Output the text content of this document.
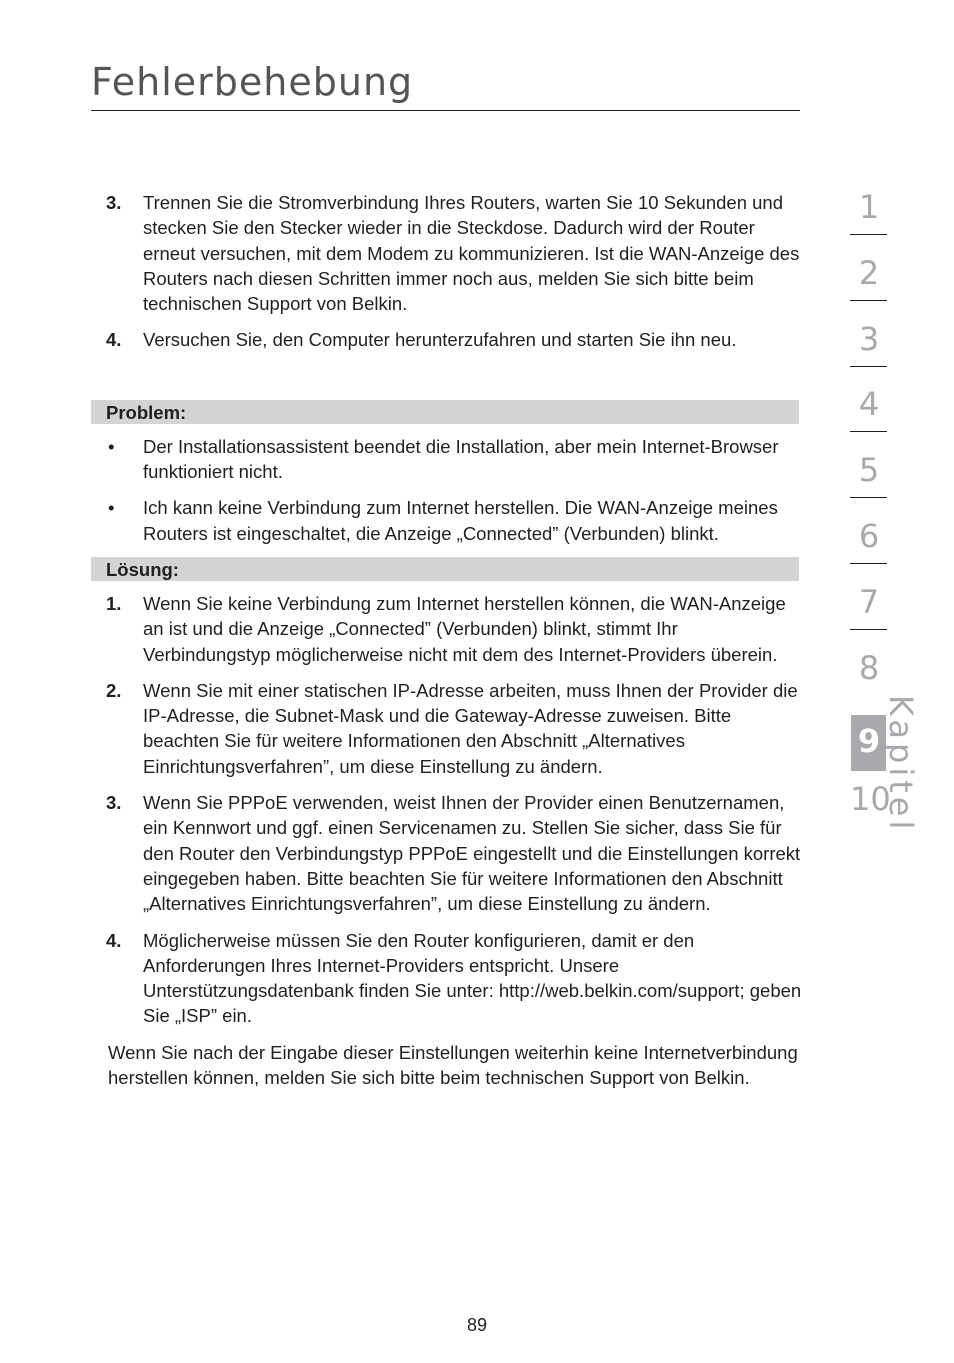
Fehlerbehebung
3. Trennen Sie die Stromverbindung Ihres Routers, warten Sie 10 Sekunden und stecken Sie den Stecker wieder in die Steckdose. Dadurch wird der Router erneut versuchen, mit dem Modem zu kommunizieren. Ist die WAN-Anzeige des Routers nach diesen Schritten immer noch aus, melden Sie sich bitte beim technischen Support von Belkin.
4. Versuchen Sie, den Computer herunterzufahren und starten Sie ihn neu.
Problem:
• Der Installationsassistent beendet die Installation, aber mein Internet-Browser funktioniert nicht.
• Ich kann keine Verbindung zum Internet herstellen. Die WAN-Anzeige meines Routers ist eingeschaltet, die Anzeige „Connected” (Verbunden) blinkt.
Lösung:
1. Wenn Sie keine Verbindung zum Internet herstellen können, die WAN-Anzeige an ist und die Anzeige „Connected” (Verbunden) blinkt, stimmt Ihr Verbindungstyp möglicherweise nicht mit dem des Internet-Providers überein.
2. Wenn Sie mit einer statischen IP-Adresse arbeiten, muss Ihnen der Provider die IP-Adresse, die Subnet-Mask und die Gateway-Adresse zuweisen. Bitte beachten Sie für weitere Informationen den Abschnitt „Alternatives Einrichtungsverfahren”, um diese Einstellung zu ändern.
3. Wenn Sie PPPoE verwenden, weist Ihnen der Provider einen Benutzernamen, ein Kennwort und ggf. einen Servicenamen zu. Stellen Sie sicher, dass Sie für den Router den Verbindungstyp PPPoE eingestellt und die Einstellungen korrekt eingegeben haben. Bitte beachten Sie für weitere Informationen den Abschnitt „Alternatives Einrichtungsverfahren”, um diese Einstellung zu ändern.
4. Möglicherweise müssen Sie den Router konfigurieren, damit er den Anforderungen Ihres Internet-Providers entspricht. Unsere Unterstützungsdatenbank finden Sie unter: http://web.belkin.com/support; geben Sie „ISP” ein.
Wenn Sie nach der Eingabe dieser Einstellungen weiterhin keine Internetverbindung herstellen können, melden Sie sich bitte beim technischen Support von Belkin.
1
2
3
4
5
6
7
8
9
10
Kapitel
89
